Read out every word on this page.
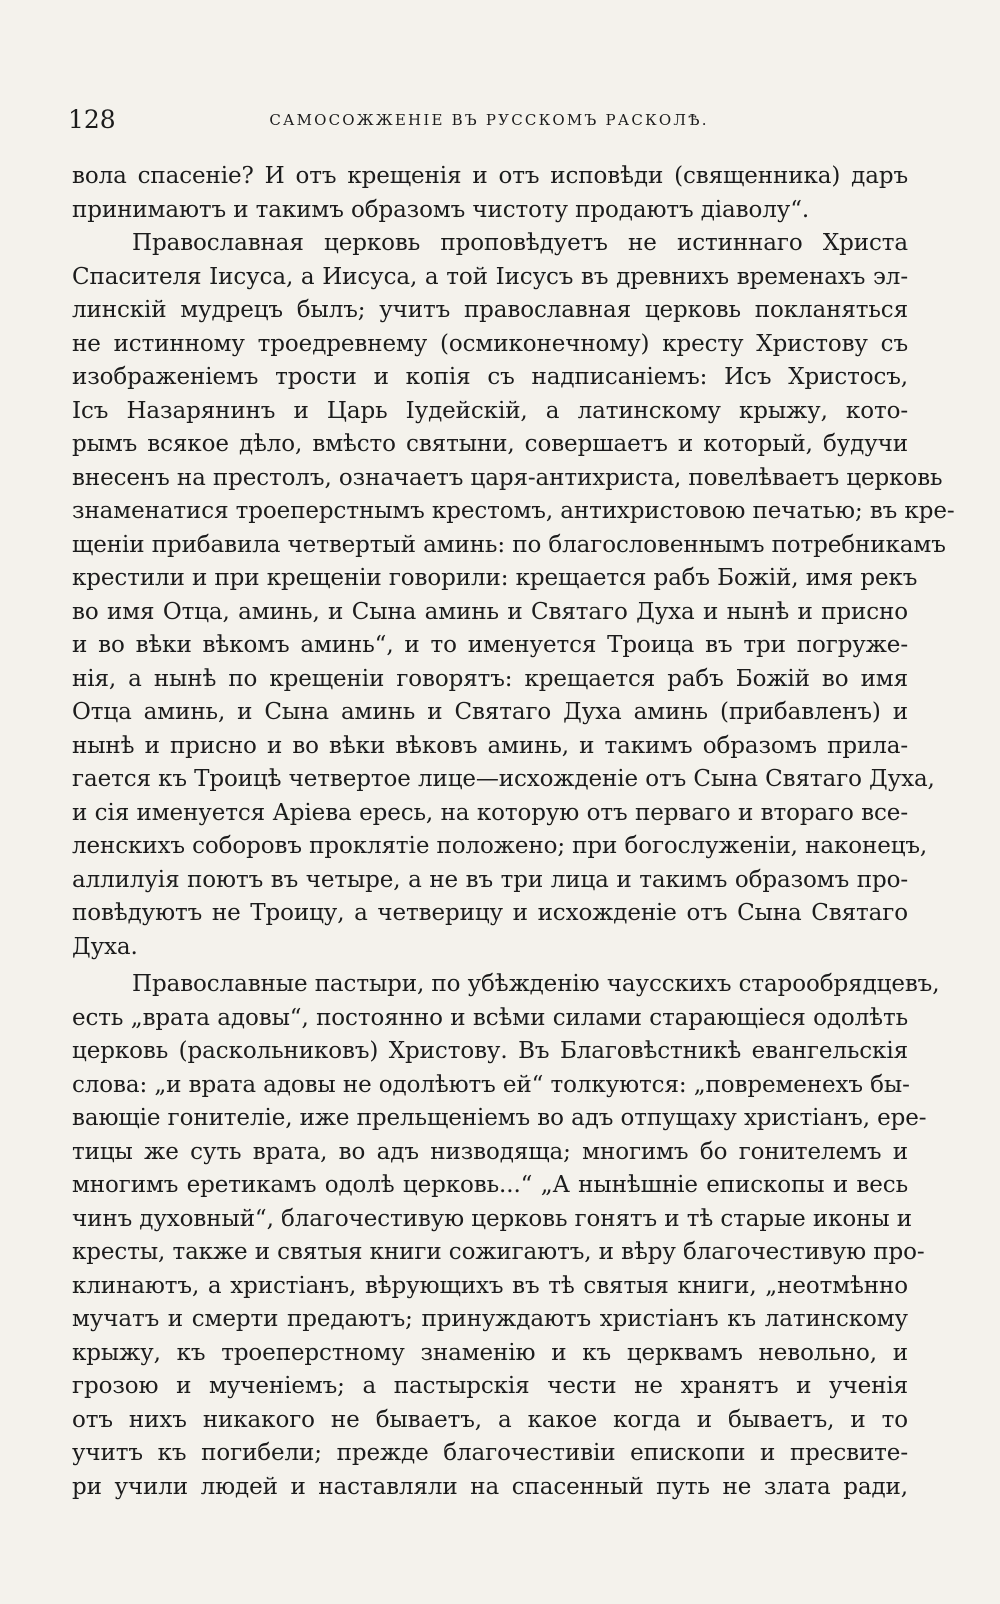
128	САМОСОЖЖЕНІЕ ВЪ РУССКОМЪ РАСКОЛѢ.
вола спасеніе? И отъ крещенія и отъ исповѣди (священника) даръ
принимаютъ и такимъ образомъ чистоту продаютъ діаволу“.
Православная церковь проповѣдуетъ не истиннаго Христа
Спасителя Іисуса, а Иисуса, а той Іисусъ въ древнихъ временахъ эл-
линскій мудрецъ былъ; учитъ православная церковь покланяться
не истинному троедревнему (осмиконечному) кресту Христову съ
изображеніемъ трости и копія съ надписаніемъ: Исъ Христосъ,
Ісъ Назарянинъ и Царь Іудейскій, а латинскому крыжу, кото-
рымъ всякое дѣло, вмѣсто святыни, совершаетъ и который, будучи
внесенъ на престолъ, означаетъ царя-антихриста, повелѣваетъ церковь
знаменатися троеперстнымъ крестомъ, антихристовою печатью; въ кре-
щеніи прибавила четвертый аминь: по благословеннымъ потребникамъ
крестили и при крещеніи говорили: крещается рабъ Божій, имя рекъ
во имя Отца, аминь, и Сына аминь и Святаго Духа и нынѣ и присно
и во вѣки вѣкомъ аминь“, и то именуется Троица въ три погруже-
нія, а нынѣ по крещеніи говорятъ: крещается рабъ Божій во имя
Отца аминь, и Сына аминь и Святаго Духа аминь (прибавленъ) и
нынѣ и присно и во вѣки вѣковъ аминь, и такимъ образомъ прила-
гается къ Троицѣ четвертое лице—исхожденіе отъ Сына Святаго Духа,
и сія именуется Аріева ересь, на которую отъ перваго и втораго все-
ленскихъ соборовъ проклятіе положено; при богослуженіи, наконецъ,
аллилуія поютъ въ четыре, а не въ три лица и такимъ образомъ про-
повѣдуютъ не Троицу, а четверицу и исхожденіе отъ Сына Святаго
Духа.
Православные пастыри, по убѣжденію чаусскихъ старообрядцевъ,
есть „врата адовы“, постоянно и всѣми силами старающіеся одолѣть
церковь (раскольниковъ) Христову. Въ Благовѣстникѣ евангельскія
слова: „и врата адовы не одолѣютъ ей“ толкуются: „повременехъ бы-
вающіе гонителіе, иже прельщеніемъ во адъ отпущаху христіанъ, ере-
тицы же суть врата, во адъ низводяща; многимъ бо гонителемъ и
многимъ еретикамъ одолѣ церковь...“ „А нынѣшніе епископы и весь
чинъ духовный“, благочестивую церковь гонятъ и тѣ старые иконы и
кресты, также и святыя книги сожигаютъ, и вѣру благочестивую про-
клинаютъ, а христіанъ, вѣрующихъ въ тѣ святыя книги, „неотмѣнно
мучатъ и смерти предаютъ; принуждаютъ христіанъ къ латинскому
крыжу, къ троеперстному знаменію и къ церквамъ невольно, и
грозою и мученіемъ; а пастырскія чести не хранятъ и ученія
отъ нихъ никакого не бываетъ, а какое когда и бываетъ, и то
учитъ къ погибели; прежде благочестивіи епископи и пресвите-
ри учили людей и наставляли на спасенный путь не злата ради,
